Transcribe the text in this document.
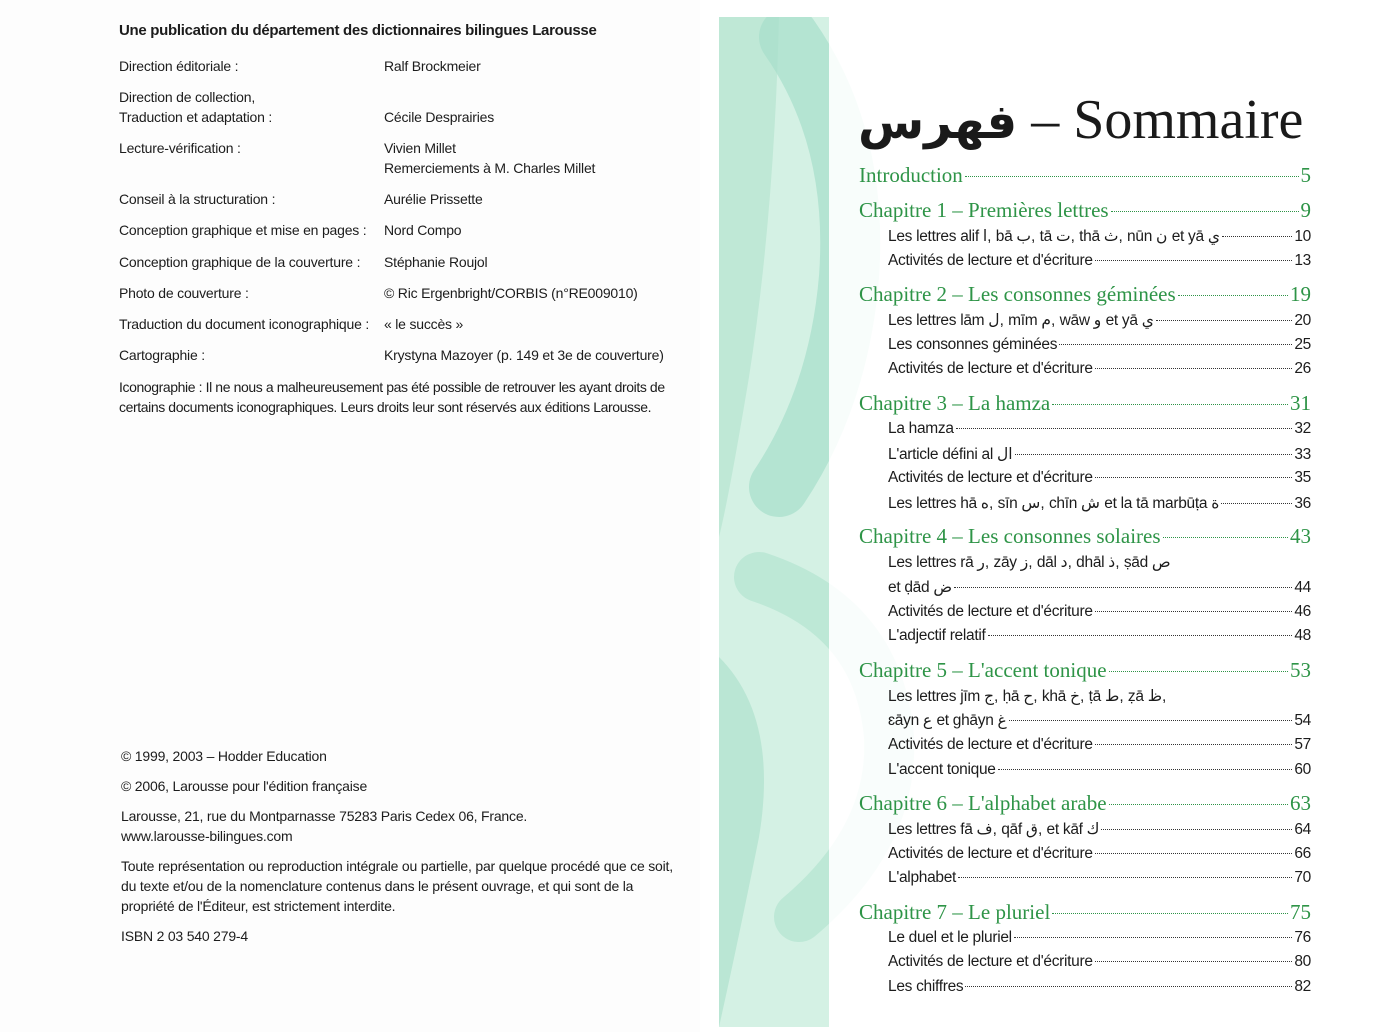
Une publication du département des dictionnaires bilingues Larousse
Direction éditoriale :	Ralf Brockmeier
Direction de collection,
Traduction et adaptation :	Cécile Desprairies
Lecture-vérification :	Vivien Millet
Remerciements à M. Charles Millet
Conseil à la structuration :	Aurélie Prissette
Conception graphique et mise en pages :	Nord Compo
Conception graphique de la couverture :	Stéphanie Roujol
Photo de couverture :	© Ric Ergenbright/CORBIS (n°RE009010)
Traduction du document iconographique :	« le succès »
Cartographie :	Krystyna Mazoyer (p. 149 et 3e de couverture)
Iconographie : Il ne nous a malheureusement pas été possible de retrouver les ayant droits de certains documents iconographiques. Leurs droits leur sont réservés aux éditions Larousse.

© 1999, 2003 – Hodder Education

© 2006, Larousse pour l'édition française

Larousse, 21, rue du Montparnasse 75283 Paris Cedex 06, France.
www.larousse-bilingues.com

Toute représentation ou reproduction intégrale ou partielle, par quelque procédé que ce soit, du texte et/ou de la nomenclature contenus dans le présent ouvrage, et qui sont de la propriété de l'Éditeur, est strictement interdite.

ISBN 2 03 540 279-4

فهرس – Sommaire
Introduction	5
Chapitre 1 – Premières lettres	9
Les lettres alif ا, bā ب, tā ت, thā ث, nūn ن et yā ي	10
Activités de lecture et d'écriture	13
Chapitre 2 – Les consonnes géminées	19
Les lettres lām ل, mīm م, wāw و et yā ي	20
Les consonnes géminées	25
Activités de lecture et d'écriture	26
Chapitre 3 – La hamza	31
La hamza	32
L'article défini al ال	33
Activités de lecture et d'écriture	35
Les lettres hā ه, sīn س, chīn ش et la tā marbūṭa ة	36
Chapitre 4 – Les consonnes solaires	43
Les lettres rā ر, zāy ز, dāl د, dhāl ذ, ṣād ص
et ḍād ض	44
Activités de lecture et d'écriture	46
L'adjectif relatif	48
Chapitre 5 – L'accent tonique	53
Les lettres jīm ج, ḥā ح, khā خ, ṭā ط, ẓā ظ,
ɛāyn ع et ghāyn غ	54
Activités de lecture et d'écriture	57
L'accent tonique	60
Chapitre 6 – L'alphabet arabe	63
Les lettres fā ف, qāf ق, et kāf ك	64
Activités de lecture et d'écriture	66
L'alphabet	70
Chapitre 7 – Le pluriel	75
Le duel et le pluriel	76
Activités de lecture et d'écriture	80
Les chiffres	82
